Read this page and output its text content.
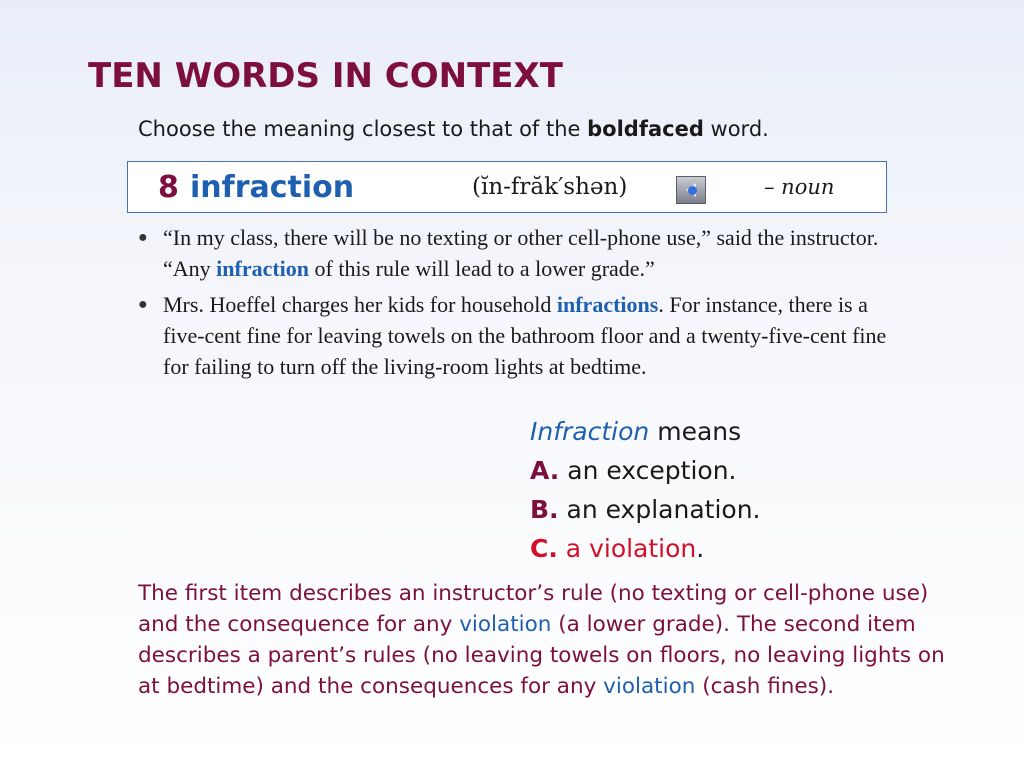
TEN WORDS IN CONTEXT
Choose the meaning closest to that of the boldfaced word.
8 infraction	(ĭn-frăk′shən)	– noun
● “In my class, there will be no texting or other cell-phone use,” said the instructor. “Any infraction of this rule will lead to a lower grade.”
● Mrs. Hoeffel charges her kids for household infractions. For instance, there is a five-cent fine for leaving towels on the bathroom floor and a twenty-five-cent fine for failing to turn off the living-room lights at bedtime.
Infraction means
A. an exception.
B. an explanation.
C. a violation.
The first item describes an instructor’s rule (no texting or cell-phone use) and the consequence for any violation (a lower grade). The second item describes a parent’s rules (no leaving towels on floors, no leaving lights on at bedtime) and the consequences for any violation (cash fines).
